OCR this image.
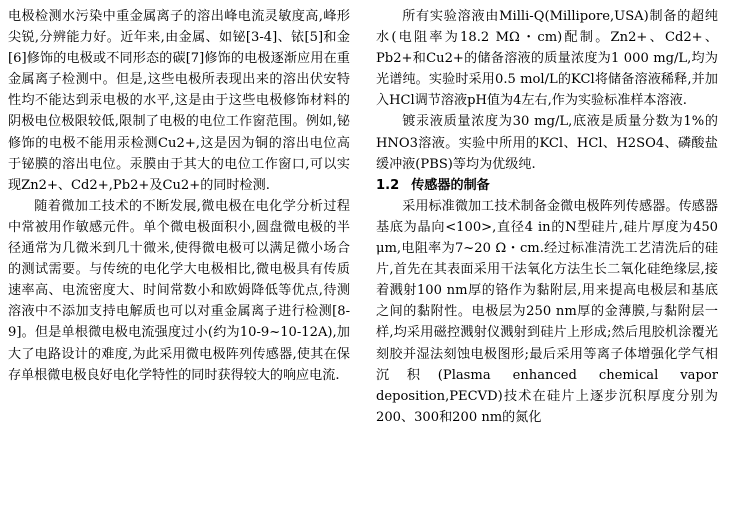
电极检测水污染中重金属离子的溶出峰电流灵敏度高,峰形尖锐,分辨能力好。近年来,由金属、如铋[3-4]、铱[5]和金[6]修饰的电极或不同形态的碳[7]修饰的电极逐渐应用在重金属离子检测中。但是,这些电极所表现出来的溶出伏安特性均不能达到汞电极的水平,这是由于这些电极修饰材料的阴极电位极限较低,限制了电极的电位工作窗范围。例如,铋修饰的电极不能用汞检测Cu2+,这是因为铜的溶出电位高于铋膜的溶出电位。汞膜由于其大的电位工作窗口,可以实现Zn2+、Cd2+,Pb2+及Cu2+的同时检测.

随着微加工技术的不断发展,微电极在电化学分析过程中常被用作敏感元件。单个微电极面积小,圆盘微电极的半径通常为几微米到几十微米,使得微电极可以满足微小场合的测试需要。与传统的电化学大电极相比,微电极具有传质速率高、电流密度大、时间常数小和欧姆降低等优点,待测溶液中不添加支持电解质也可以对重金属离子进行检测[8-9]。但是单根微电极电流强度过小(约为10-9~10-12A),加大了电路设计的难度,为此采用微电极阵列传感器,使其在保存单根微电极良好电化学特性的同时获得较大的响应电流.

所有实验溶液由Milli-Q(Millipore,USA)制备的超纯水(电阻率为18.2 MΩ・cm)配制。Zn2+、Cd2+、Pb2+和Cu2+的储备溶液的质量浓度为1 000 mg/L,均为光谱纯。实验时采用0.5 mol/L的KCl将储备溶液稀释,并加入HCl调节溶液pH值为4左右,作为实验标准样本溶液.

镀汞液质量浓度为30 mg/L,底液是质量分数为1%的HNO3溶液。实验中所用的KCl、HCl、H2SO4、磷酸盐缓冲液(PBS)等均为优级纯.

1.2 传感器的制备

采用标准微加工技术制备金微电极阵列传感器。传感器基底为晶向<100>,直径4 in的N型硅片,硅片厚度为450 μm,电阻率为7~20 Ω・cm.经过标准清洗工艺清洗后的硅片,首先在其表面采用干法氧化方法生长二氧化硅绝缘层,接着溅射100 nm厚的铬作为黏附层,用来提高电极层和基底之间的黏附性。电极层为250 nm厚的金薄膜,与黏附层一样,均采用磁控溅射仪溅射到硅片上形成;然后甩胶机涂覆光刻胶并湿法刻蚀电极图形;最后采用等离子体增强化学气相沉积(Plasma enhanced chemical vapor deposition,PECVD)技术在硅片上逐步沉积厚度分别为200、300和200 nm的氮化
